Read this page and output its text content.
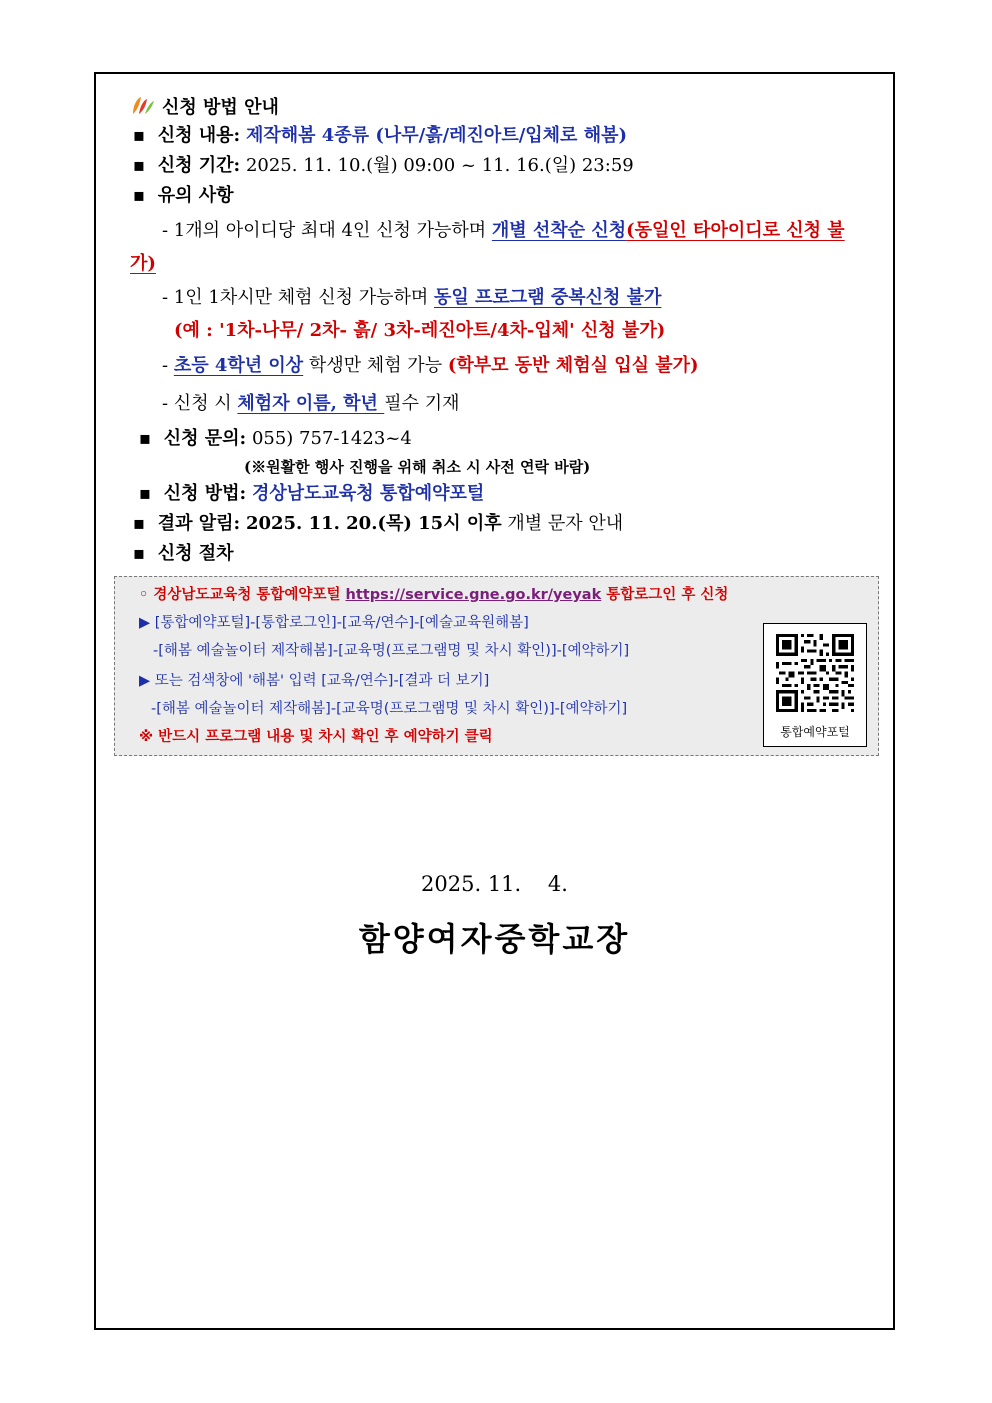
신청 방법 안내
▪ 신청 내용: 제작해봄 4종류 (나무/흙/레진아트/입체로 해봄)
▪ 신청 기간: 2025. 11. 10.(월) 09:00 ~ 11. 16.(일) 23:59
▪ 유의 사항
- 1개의 아이디당 최대 4인 신청 가능하며 개별 선착순 신청(동일인 타아이디로 신청 불
가)
- 1인 1차시만 체험 신청 가능하며 동일 프로그램 중복신청 불가
(예 : '1차-나무/ 2차- 흙/ 3차-레진아트/4차-입체' 신청 불가)
- 초등 4학년 이상 학생만 체험 가능 (학부모 동반 체험실 입실 불가)
- 신청 시 체험자 이름, 학년 필수 기재
▪ 신청 문의: 055) 757-1423~4
(※원활한 행사 진행을 위해 취소 시 사전 연락 바람)
▪ 신청 방법: 경상남도교육청 통합예약포털
▪ 결과 알림: 2025. 11. 20.(목) 15시 이후 개별 문자 안내
▪ 신청 절차
◦ 경상남도교육청 통합예약포털 https://service.gne.go.kr/yeyak 통합로그인 후 신청
▶ [통합예약포털]-[통합로그인]-[교육/연수]-[예술교육원해봄]
-[해봄 예술놀이터 제작해봄]-[교육명(프로그램명 및 차시 확인)]-[예약하기]
▶ 또는 검색창에 '해봄' 입력 [교육/연수]-[결과 더 보기]
-[해봄 예술놀이터 제작해봄]-[교육명(프로그램명 및 차시 확인)]-[예약하기]
※ 반드시 프로그램 내용 및 차시 확인 후 예약하기 클릭	통합예약포털
2025. 11.    4.
함양여자중학교장
